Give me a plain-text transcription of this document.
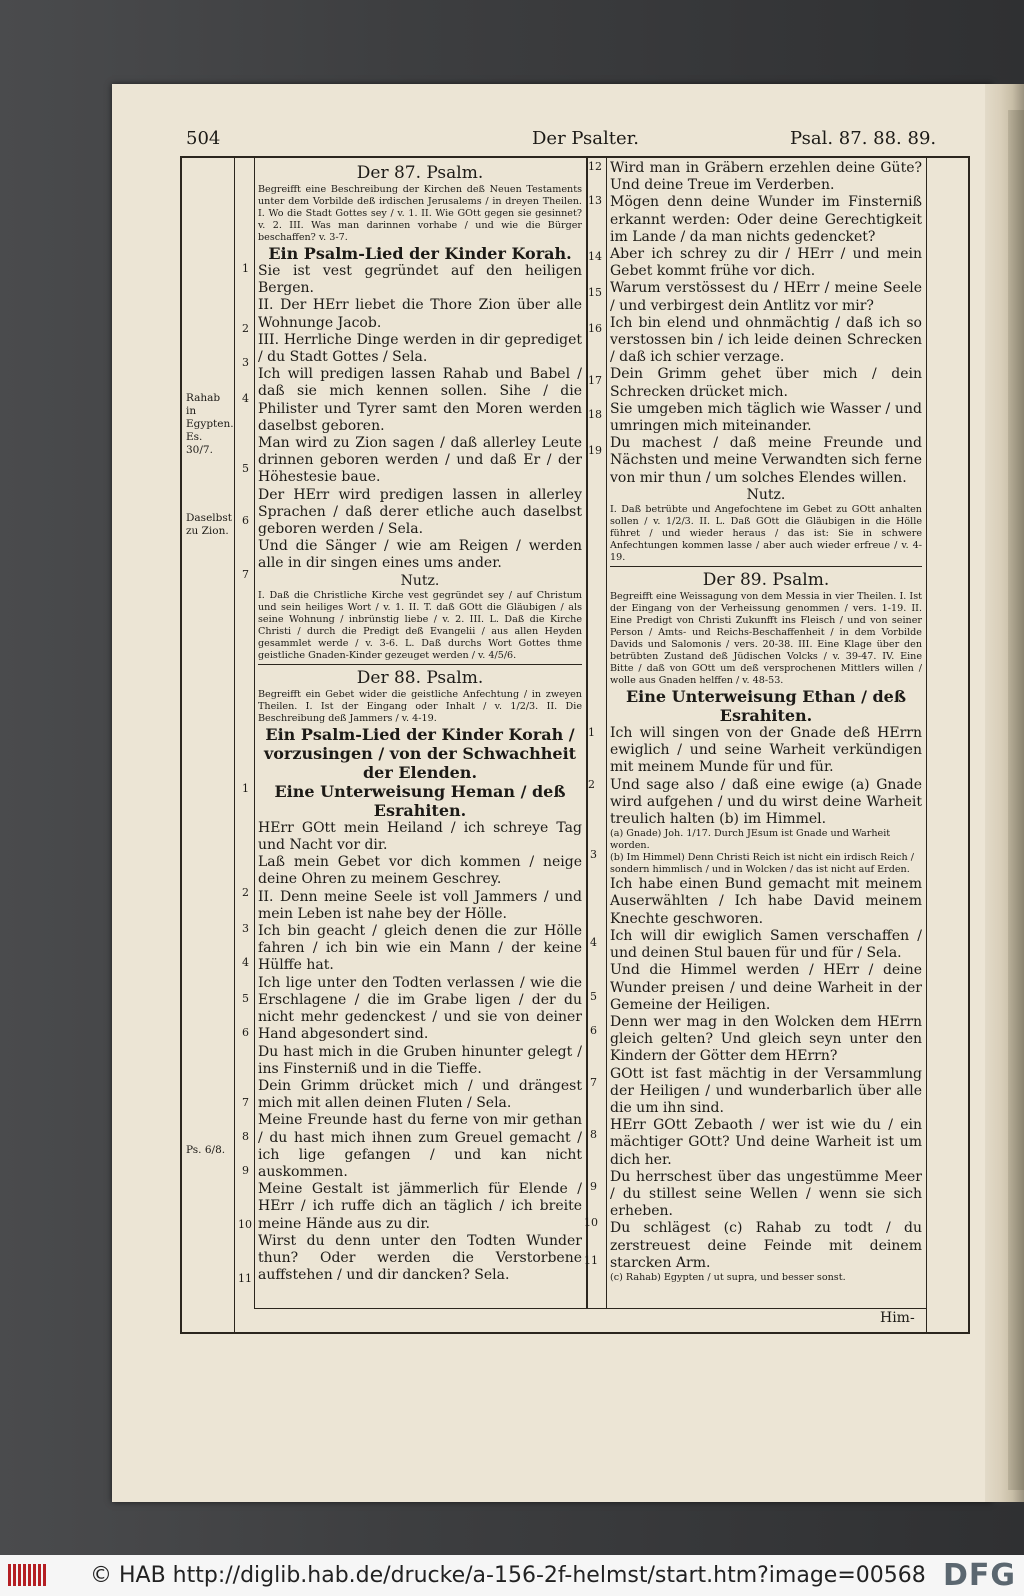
504	Der Psalter.	Psal. 87. 88. 89.
Rahab in Egypten. Es. 30/7.
Daselbst zu Zion.
Ps. 6/8.
1
2
3
4
5
6
7
1
2
3
4
5
6
7
8
9
10
11
12
13
14
15
16
17
18
19
1
2
3
4
5
6
7
8
9
10
11
Der 87. Psalm.
Begreifft eine Beschreibung der Kirchen deß Neuen Testaments unter dem Vorbilde deß irdischen Jerusalems / in dreyen Theilen. I. Wo die Stadt Gottes sey / v. 1. II. Wie GOtt gegen sie gesinnet? v. 2. III. Was man darinnen vorhabe / und wie die Bürger beschaffen? v. 3-7.
Ein Psalm-Lied der Kinder Korah.
Sie ist vest gegründet auf den heiligen Bergen.
II. Der HErr liebet die Thore Zion über alle Wohnunge Jacob.
III. Herrliche Dinge werden in dir geprediget / du Stadt Gottes / Sela.
Ich will predigen lassen Rahab und Babel / daß sie mich kennen sollen. Sihe / die Philister und Tyrer samt den Moren werden daselbst geboren.
Man wird zu Zion sagen / daß allerley Leute drinnen geboren werden / und daß Er / der Höhestesie baue.
Der HErr wird predigen lassen in allerley Sprachen / daß derer etliche auch daselbst geboren werden / Sela.
Und die Sänger / wie am Reigen / werden alle in dir singen eines ums ander.
Nutz.
I. Daß die Christliche Kirche vest gegründet sey / auf Christum und sein heiliges Wort / v. 1. II. T. daß GOtt die Gläubigen / als seine Wohnung / inbrünstig liebe / v. 2. III. L. Daß die Kirche Christi / durch die Predigt deß Evangelii / aus allen Heyden gesammlet werde / v. 3-6. L. Daß durchs Wort Gottes thme geistliche Gnaden-Kinder gezeuget werden / v. 4/5/6.
Der 88. Psalm.
Begreifft ein Gebet wider die geistliche Anfechtung / in zweyen Theilen. I. Ist der Eingang oder Inhalt / v. 1/2/3. II. Die Beschreibung deß Jammers / v. 4-19.
Ein Psalm-Lied der Kinder Korah / vorzusingen / von der Schwachheit der Elenden.
Eine Unterweisung Heman / deß Esrahiten.
HErr GOtt mein Heiland / ich schreye Tag und Nacht vor dir.
Laß mein Gebet vor dich kommen / neige deine Ohren zu meinem Geschrey.
II. Denn meine Seele ist voll Jammers / und mein Leben ist nahe bey der Hölle.
Ich bin geacht / gleich denen die zur Hölle fahren / ich bin wie ein Mann / der keine Hülffe hat.
Ich lige unter den Todten verlassen / wie die Erschlagene / die im Grabe ligen / der du nicht mehr gedenckest / und sie von deiner Hand abgesondert sind.
Du hast mich in die Gruben hinunter gelegt / ins Finsterniß und in die Tieffe.
Dein Grimm drücket mich / und drängest mich mit allen deinen Fluten / Sela.
Meine Freunde hast du ferne von mir gethan / du hast mich ihnen zum Greuel gemacht / ich lige gefangen / und kan nicht auskommen.
Meine Gestalt ist jämmerlich für Elende / HErr / ich ruffe dich an täglich / ich breite meine Hände aus zu dir.
Wirst du denn unter den Todten Wunder thun? Oder werden die Verstorbene auffstehen / und dir dancken? Sela.
Wird man in Gräbern erzehlen deine Güte? Und deine Treue im Verderben.
Mögen denn deine Wunder im Finsterniß erkannt werden: Oder deine Gerechtigkeit im Lande / da man nichts gedencket?
Aber ich schrey zu dir / HErr / und mein Gebet kommt frühe vor dich.
Warum verstössest du / HErr / meine Seele / und verbirgest dein Antlitz vor mir?
Ich bin elend und ohnmächtig / daß ich so verstossen bin / ich leide deinen Schrecken / daß ich schier verzage.
Dein Grimm gehet über mich / dein Schrecken drücket mich.
Sie umgeben mich täglich wie Wasser / und umringen mich miteinander.
Du machest / daß meine Freunde und Nächsten und meine Verwandten sich ferne von mir thun / um solches Elendes willen.
Nutz.
I. Daß betrübte und Angefochtene im Gebet zu GOtt anhalten sollen / v. 1/2/3. II. L. Daß GOtt die Gläubigen in die Hölle führet / und wieder heraus / das ist: Sie in schwere Anfechtungen kommen lasse / aber auch wieder erfreue / v. 4-19.
Der 89. Psalm.
Begreifft eine Weissagung von dem Messia in vier Theilen. I. Ist der Eingang von der Verheissung genommen / vers. 1-19. II. Eine Predigt von Christi Zukunfft ins Fleisch / und von seiner Person / Amts- und Reichs-Beschaffenheit / in dem Vorbilde Davids und Salomonis / vers. 20-38. III. Eine Klage über den betrübten Zustand deß Jüdischen Volcks / v. 39-47. IV. Eine Bitte / daß von GOtt um deß versprochenen Mittlers willen / wolle aus Gnaden helffen / v. 48-53.
Eine Unterweisung Ethan / deß Esrahiten.
Ich will singen von der Gnade deß HErrn ewiglich / und seine Warheit verkündigen mit meinem Munde für und für.
Und sage also / daß eine ewige (a) Gnade wird aufgehen / und du wirst deine Warheit treulich halten (b) im Himmel.
(a) Gnade) Joh. 1/17. Durch JEsum ist Gnade und Warheit worden.
(b) Im Himmel) Denn Christi Reich ist nicht ein irdisch Reich / sondern himmlisch / und in Wolcken / das ist nicht auf Erden.
Ich habe einen Bund gemacht mit meinem Auserwählten / Ich habe David meinem Knechte geschworen.
Ich will dir ewiglich Samen verschaffen / und deinen Stul bauen für und für / Sela.
Und die Himmel werden / HErr / deine Wunder preisen / und deine Warheit in der Gemeine der Heiligen.
Denn wer mag in den Wolcken dem HErrn gleich gelten? Und gleich seyn unter den Kindern der Götter dem HErrn?
GOtt ist fast mächtig in der Versammlung der Heiligen / und wunderbarlich über alle die um ihn sind.
HErr GOtt Zebaoth / wer ist wie du / ein mächtiger GOtt? Und deine Warheit ist um dich her.
Du herrschest über das ungestümme Meer / du stillest seine Wellen / wenn sie sich erheben.
Du schlägest (c) Rahab zu todt / du zerstreuest deine Feinde mit deinem starcken Arm.
(c) Rahab) Egypten / ut supra, und besser sonst.
Him-
© HAB http://diglib.hab.de/drucke/a-156-2f-helmst/start.htm?image=00568 DFG
